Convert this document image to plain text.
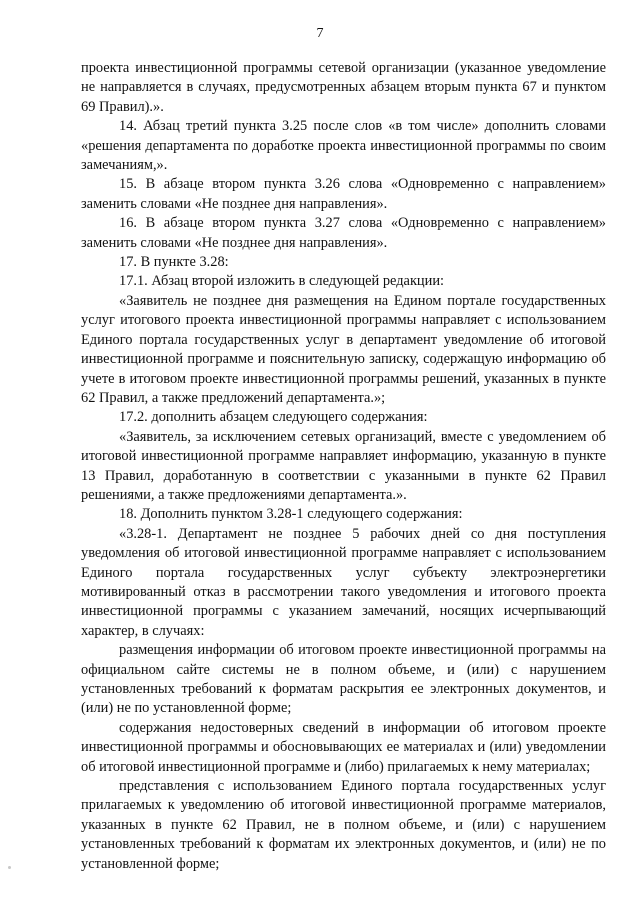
7

проекта инвестиционной программы сетевой организации (указанное уведомление не направляется в случаях, предусмотренных абзацем вторым пункта 67 и пунктом 69 Правил).».

14. Абзац третий пункта 3.25 после слов «в том числе» дополнить словами «решения департамента по доработке проекта инвестиционной программы по своим замечаниям,».

15. В абзаце втором пункта 3.26 слова «Одновременно с направлением» заменить словами «Не позднее дня направления».

16. В абзаце втором пункта 3.27 слова «Одновременно с направлением» заменить словами «Не позднее дня направления».

17. В пункте 3.28:

17.1. Абзац второй изложить в следующей редакции:

«Заявитель не позднее дня размещения на Едином портале государственных услуг итогового проекта инвестиционной программы направляет с использованием Единого портала государственных услуг в департамент уведомление об итоговой инвестиционной программе и пояснительную записку, содержащую информацию об учете в итоговом проекте инвестиционной программы решений, указанных в пункте 62 Правил, а также предложений департамента.»;

17.2. дополнить абзацем следующего содержания:

«Заявитель, за исключением сетевых организаций, вместе с уведомлением об итоговой инвестиционной программе направляет информацию, указанную в пункте 13 Правил, доработанную в соответствии с указанными в пункте 62 Правил решениями, а также предложениями департамента.».

18. Дополнить пунктом 3.28-1 следующего содержания:

«3.28-1. Департамент не позднее 5 рабочих дней со дня поступления уведомления об итоговой инвестиционной программе направляет с использованием Единого портала государственных услуг субъекту электроэнергетики мотивированный отказ в рассмотрении такого уведомления и итогового проекта инвестиционной программы с указанием замечаний, носящих исчерпывающий характер, в случаях:

размещения информации об итоговом проекте инвестиционной программы на официальном сайте системы не в полном объеме, и (или) с нарушением установленных требований к форматам раскрытия ее электронных документов, и (или) не по установленной форме;

содержания недостоверных сведений в информации об итоговом проекте инвестиционной программы и обосновывающих ее материалах и (или) уведомлении об итоговой инвестиционной программе и (либо) прилагаемых к нему материалах;

представления с использованием Единого портала государственных услуг прилагаемых к уведомлению об итоговой инвестиционной программе материалов, указанных в пункте 62 Правил, не в полном объеме, и (или) с нарушением установленных требований к форматам их электронных документов, и (или) не по установленной форме;
